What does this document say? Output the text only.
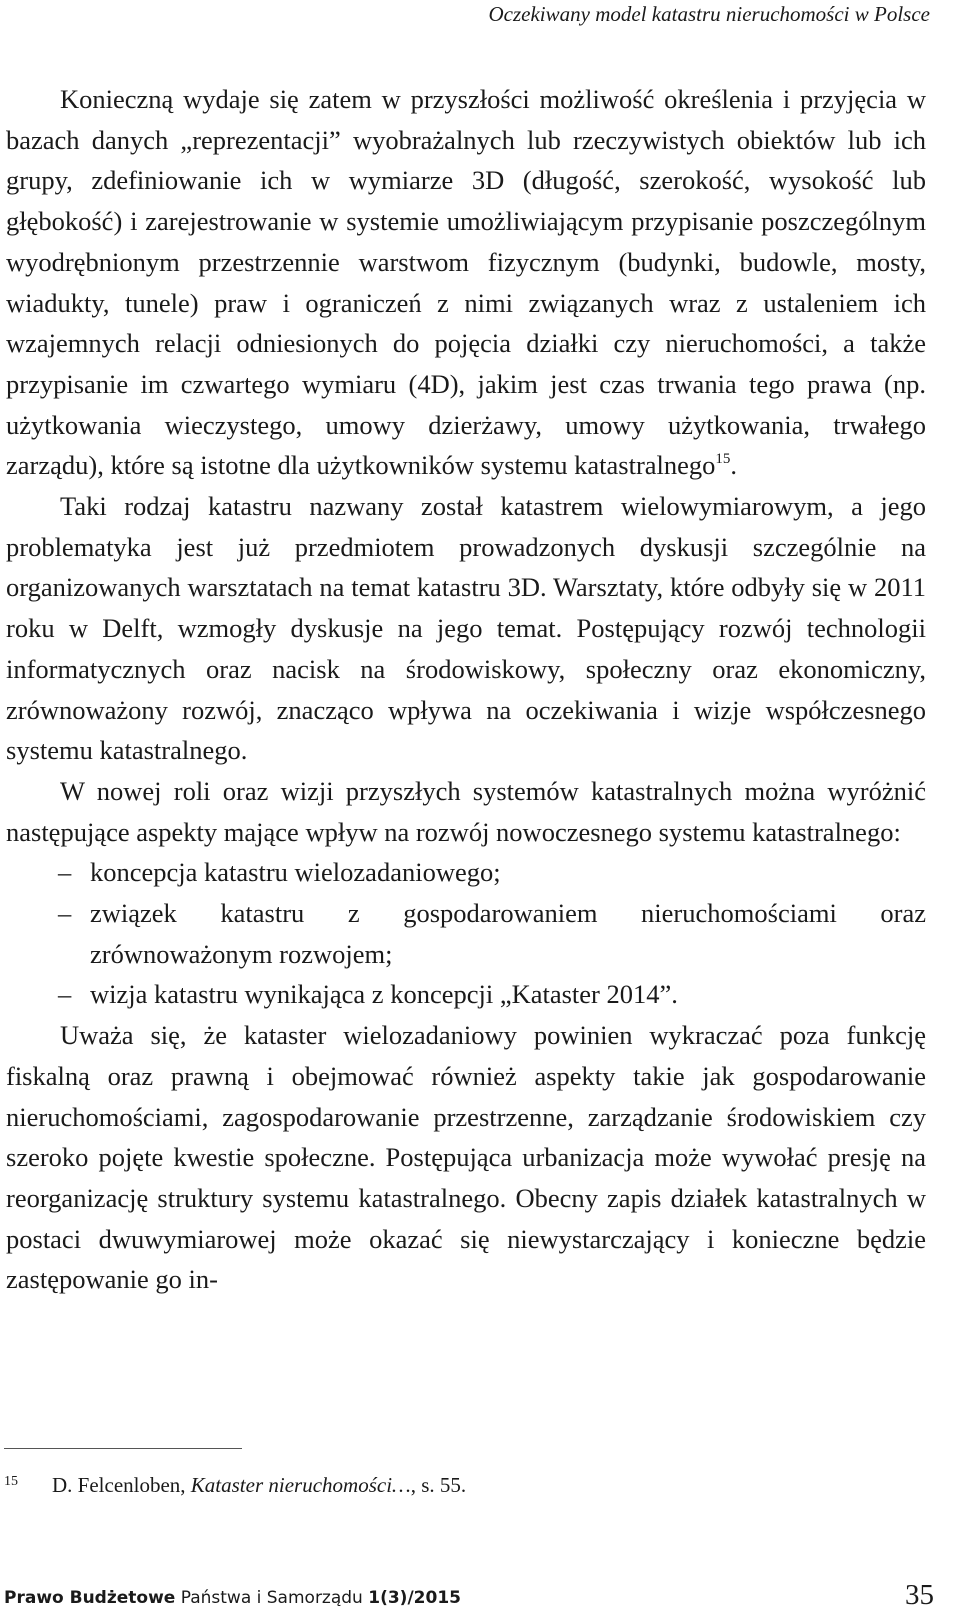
Oczekiwany model katastru nieruchomości w Polsce

Konieczną wydaje się zatem w przyszłości możliwość określenia i przyjęcia w bazach danych „reprezentacji” wyobrażalnych lub rzeczywistych obiektów lub ich grupy, zdefiniowanie ich w wymiarze 3D (długość, szerokość, wysokość lub głębokość) i zarejestrowanie w systemie umożliwiającym przypisanie poszczególnym wyodrębnionym przestrzennie warstwom fizycznym (budynki, budowle, mosty, wiadukty, tunele) praw i ograniczeń z nimi związanych wraz z ustaleniem ich wzajemnych relacji odniesionych do pojęcia działki czy nieruchomości, a także przypisanie im czwartego wymiaru (4D), jakim jest czas trwania tego prawa (np. użytkowania wieczystego, umowy dzierżawy, umowy użytkowania, trwałego zarządu), które są istotne dla użytkowników systemu katastralnego$^{15}$.

Taki rodzaj katastru nazwany został katastrem wielowymiarowym, a jego problematyka jest już przedmiotem prowadzonych dyskusji szczególnie na organizowanych warsztatach na temat katastru 3D. Warsztaty, które odbyły się w 2011 roku w Delft, wzmogły dyskusje na jego temat. Postępujący rozwój technologii informatycznych oraz nacisk na środowiskowy, społeczny oraz ekonomiczny, zrównoważony rozwój, znacząco wpływa na oczekiwania i wizje współczesnego systemu katastralnego.

W nowej roli oraz wizji przyszłych systemów katastralnych można wyróżnić następujące aspekty mające wpływ na rozwój nowoczesnego systemu katastralnego:

– koncepcja katastru wielozadaniowego;
– związek katastru z gospodarowaniem nieruchomościami oraz zrównoważonym rozwojem;
– wizja katastru wynikająca z koncepcji „Kataster 2014”.

Uważa się, że kataster wielozadaniowy powinien wykraczać poza funkcję fiskalną oraz prawną i obejmować również aspekty takie jak gospodarowanie nieruchomościami, zagospodarowanie przestrzenne, zarządzanie środowiskiem czy szeroko pojęte kwestie społeczne. Postępująca urbanizacja może wywołać presję na reorganizację struktury systemu katastralnego. Obecny zapis działek katastralnych w postaci dwuwymiarowej może okazać się niewystarczający i konieczne będzie zastępowanie go in-

15 D. Felcenloben, Kataster nieruchomości…, s. 55.
Prawo Budżetowe Państwa i Samorządu 1(3)/2015	35
